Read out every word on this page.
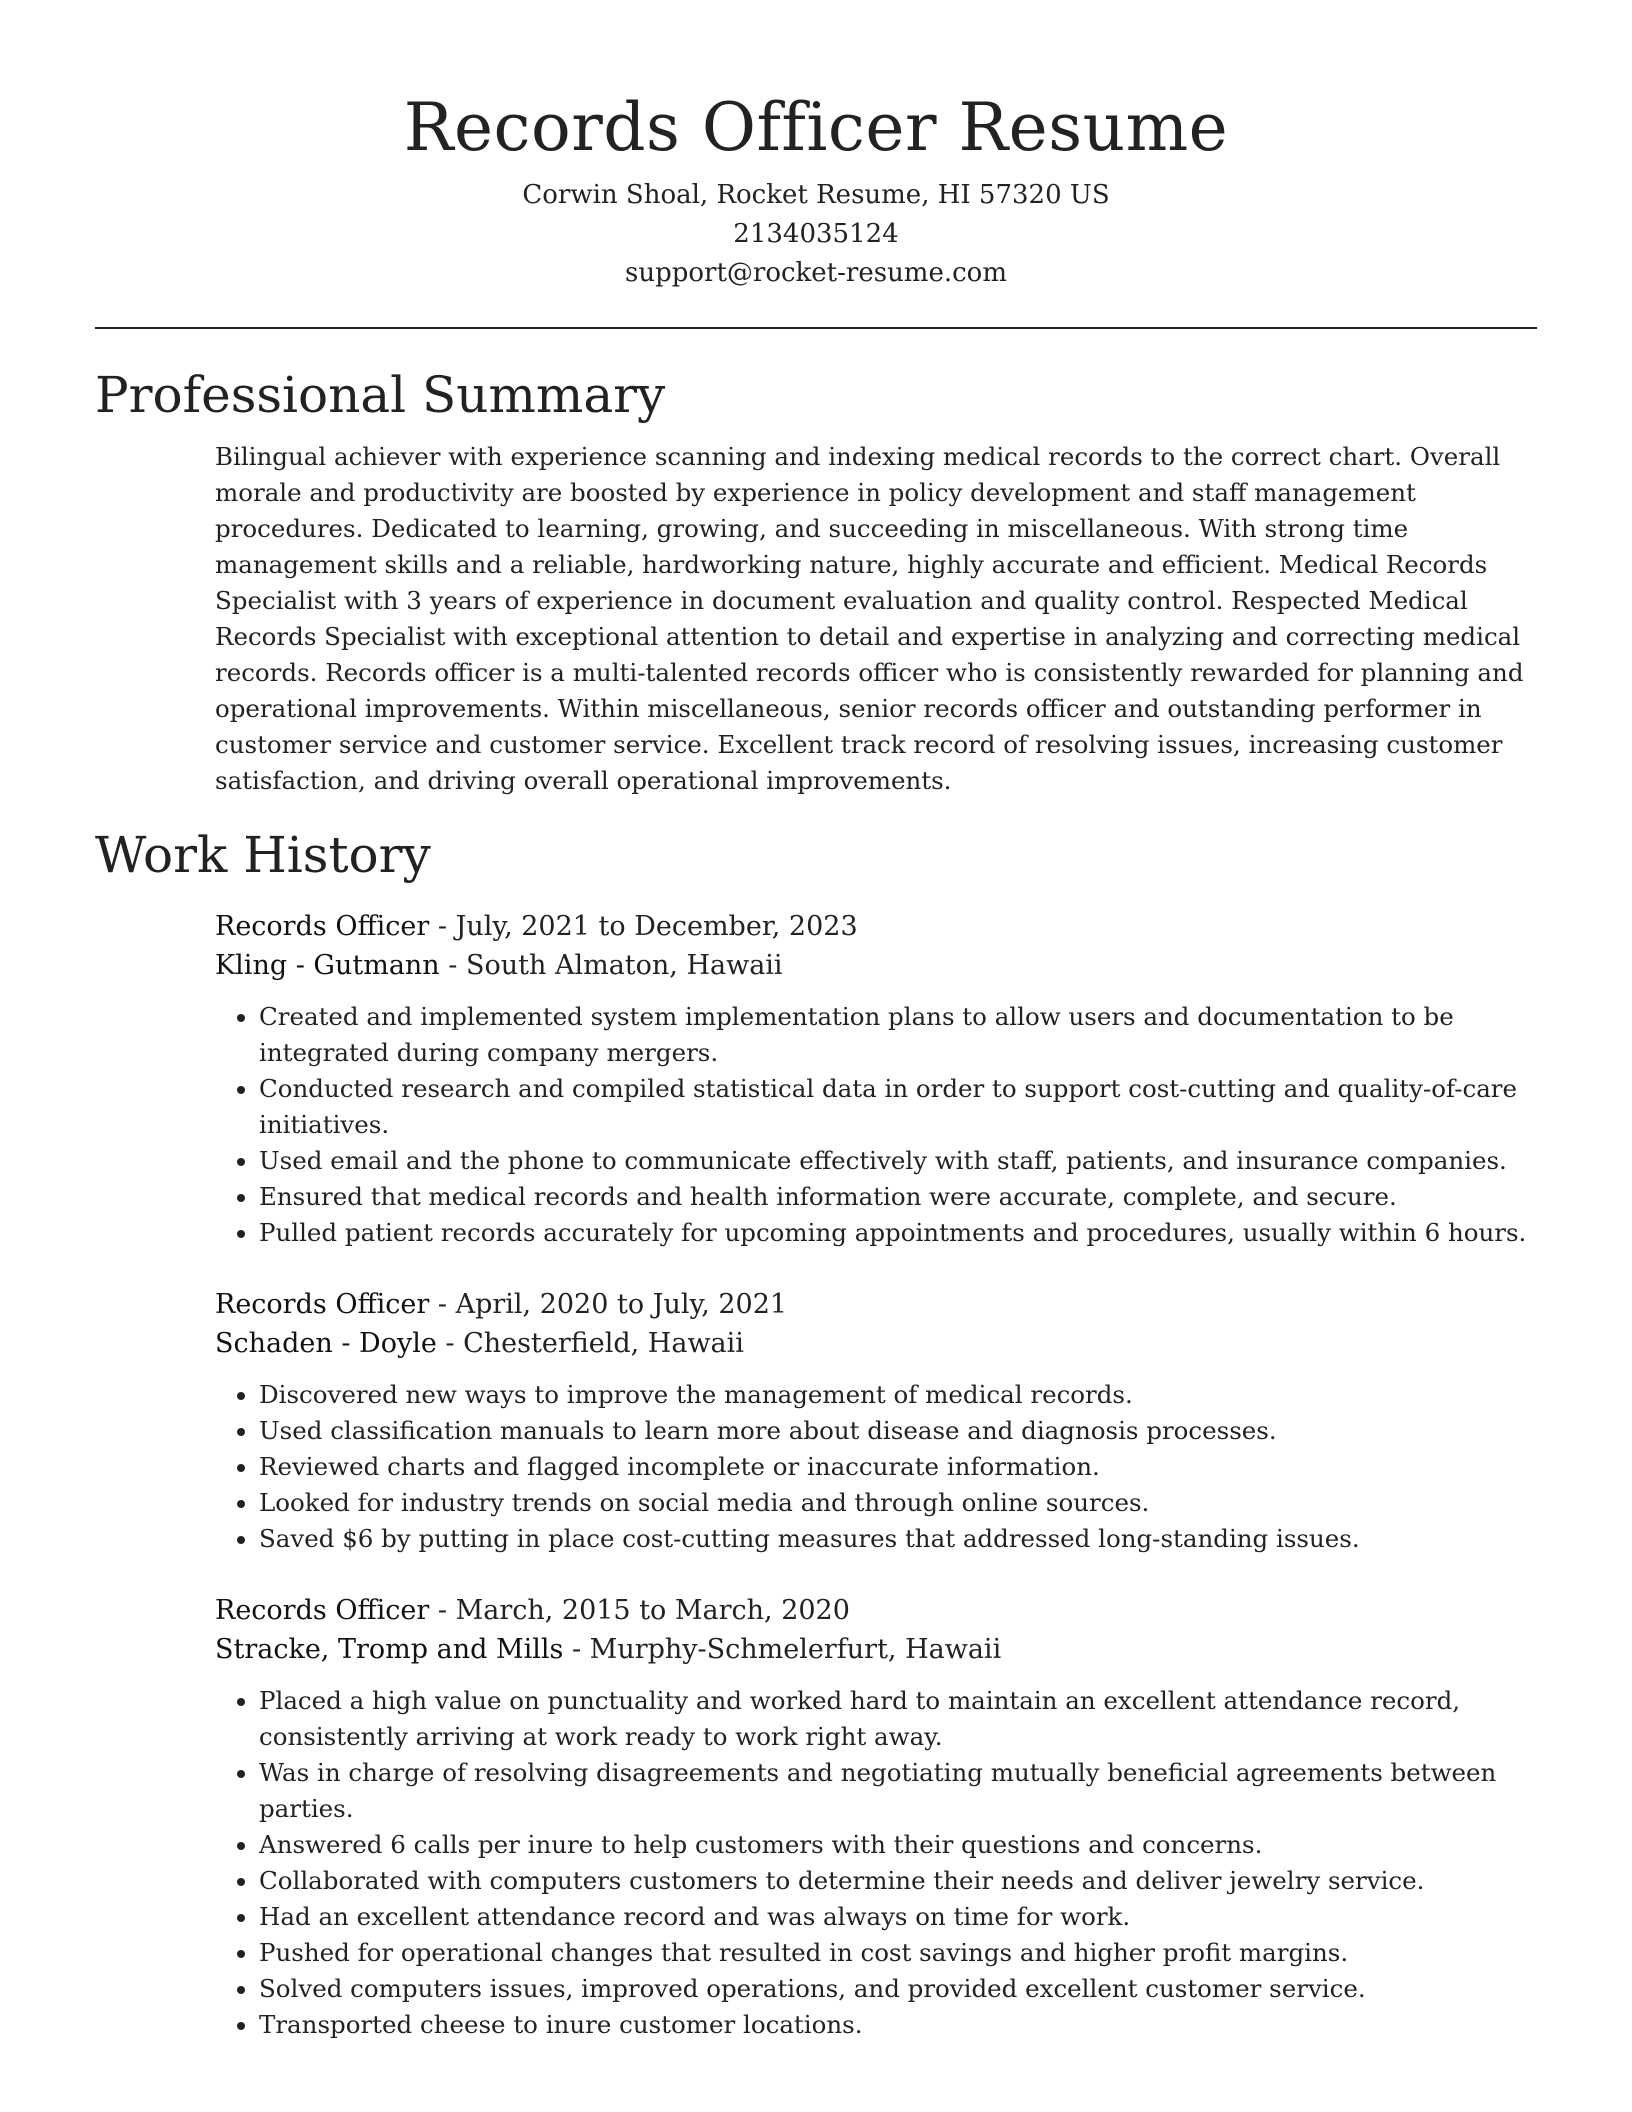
Records Officer Resume
Corwin Shoal, Rocket Resume, HI 57320 US
2134035124
support@rocket-resume.com
Professional Summary
Bilingual achiever with experience scanning and indexing medical records to the correct chart. Overall morale and productivity are boosted by experience in policy development and staff management procedures. Dedicated to learning, growing, and succeeding in miscellaneous. With strong time management skills and a reliable, hardworking nature, highly accurate and efficient. Medical Records Specialist with 3 years of experience in document evaluation and quality control. Respected Medical Records Specialist with exceptional attention to detail and expertise in analyzing and correcting medical records. Records officer is a multi-talented records officer who is consistently rewarded for planning and operational improvements. Within miscellaneous, senior records officer and outstanding performer in customer service and customer service. Excellent track record of resolving issues, increasing customer satisfaction, and driving overall operational improvements.
Work History
Records Officer - July, 2021 to December, 2023
Kling - Gutmann - South Almaton, Hawaii
• Created and implemented system implementation plans to allow users and documentation to be integrated during company mergers.
• Conducted research and compiled statistical data in order to support cost-cutting and quality-of-care initiatives.
• Used email and the phone to communicate effectively with staff, patients, and insurance companies.
• Ensured that medical records and health information were accurate, complete, and secure.
• Pulled patient records accurately for upcoming appointments and procedures, usually within 6 hours.
Records Officer - April, 2020 to July, 2021
Schaden - Doyle - Chesterfield, Hawaii
• Discovered new ways to improve the management of medical records.
• Used classification manuals to learn more about disease and diagnosis processes.
• Reviewed charts and flagged incomplete or inaccurate information.
• Looked for industry trends on social media and through online sources.
• Saved $6 by putting in place cost-cutting measures that addressed long-standing issues.
Records Officer - March, 2015 to March, 2020
Stracke, Tromp and Mills - Murphy-Schmelerfurt, Hawaii
• Placed a high value on punctuality and worked hard to maintain an excellent attendance record, consistently arriving at work ready to work right away.
• Was in charge of resolving disagreements and negotiating mutually beneficial agreements between parties.
• Answered 6 calls per inure to help customers with their questions and concerns.
• Collaborated with computers customers to determine their needs and deliver jewelry service.
• Had an excellent attendance record and was always on time for work.
• Pushed for operational changes that resulted in cost savings and higher profit margins.
• Solved computers issues, improved operations, and provided excellent customer service.
• Transported cheese to inure customer locations.
